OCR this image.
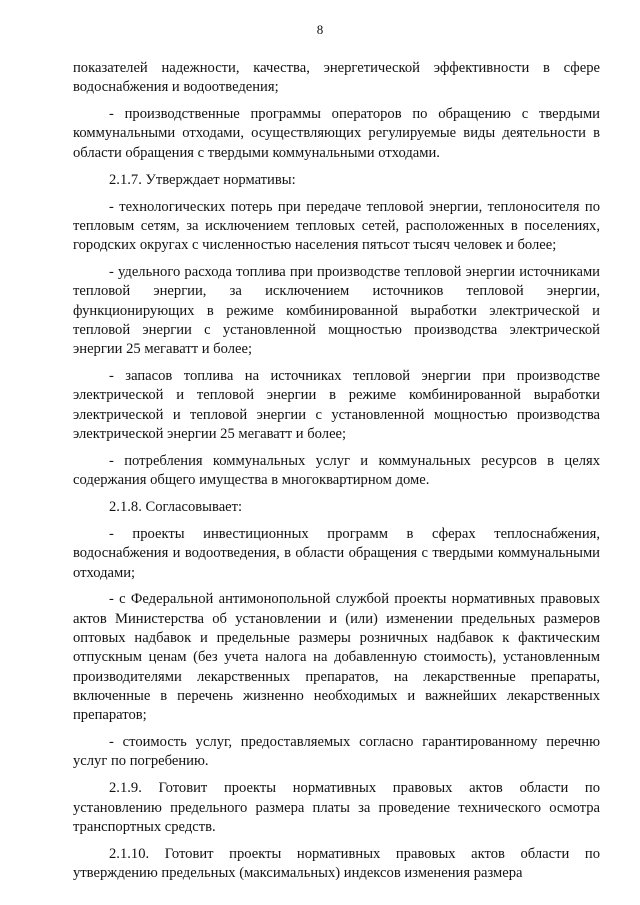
8

показателей надежности, качества, энергетической эффективности в сфере водоснабжения и водоотведения;

- производственные программы операторов по обращению с твердыми коммунальными отходами, осуществляющих регулируемые виды деятельности в области обращения с твердыми коммунальными отходами.

2.1.7. Утверждает нормативы:

- технологических потерь при передаче тепловой энергии, теплоносителя по тепловым сетям, за исключением тепловых сетей, расположенных в поселениях, городских округах с численностью населения пятьсот тысяч человек и более;

- удельного расхода топлива при производстве тепловой энергии источниками тепловой энергии, за исключением источников тепловой энергии, функционирующих в режиме комбинированной выработки электрической и тепловой энергии с установленной мощностью производства электрической энергии 25 мегаватт и более;

- запасов топлива на источниках тепловой энергии при производстве электрической и тепловой энергии в режиме комбинированной выработки электрической и тепловой энергии с установленной мощностью производства электрической энергии 25 мегаватт и более;

- потребления коммунальных услуг и коммунальных ресурсов в целях содержания общего имущества в многоквартирном доме.

2.1.8. Согласовывает:

- проекты инвестиционных программ в сферах теплоснабжения, водоснабжения и водоотведения, в области обращения с твердыми коммунальными отходами;

- с Федеральной антимонопольной службой проекты нормативных правовых актов Министерства об установлении и (или) изменении предельных размеров оптовых надбавок и предельные размеры розничных надбавок к фактическим отпускным ценам (без учета налога на добавленную стоимость), установленным производителями лекарственных препаратов, на лекарственные препараты, включенные в перечень жизненно необходимых и важнейших лекарственных препаратов;

- стоимость услуг, предоставляемых согласно гарантированному перечню услуг по погребению.

2.1.9. Готовит проекты нормативных правовых актов области по установлению предельного размера платы за проведение технического осмотра транспортных средств.

2.1.10. Готовит проекты нормативных правовых актов области по утверждению предельных (максимальных) индексов изменения размера
